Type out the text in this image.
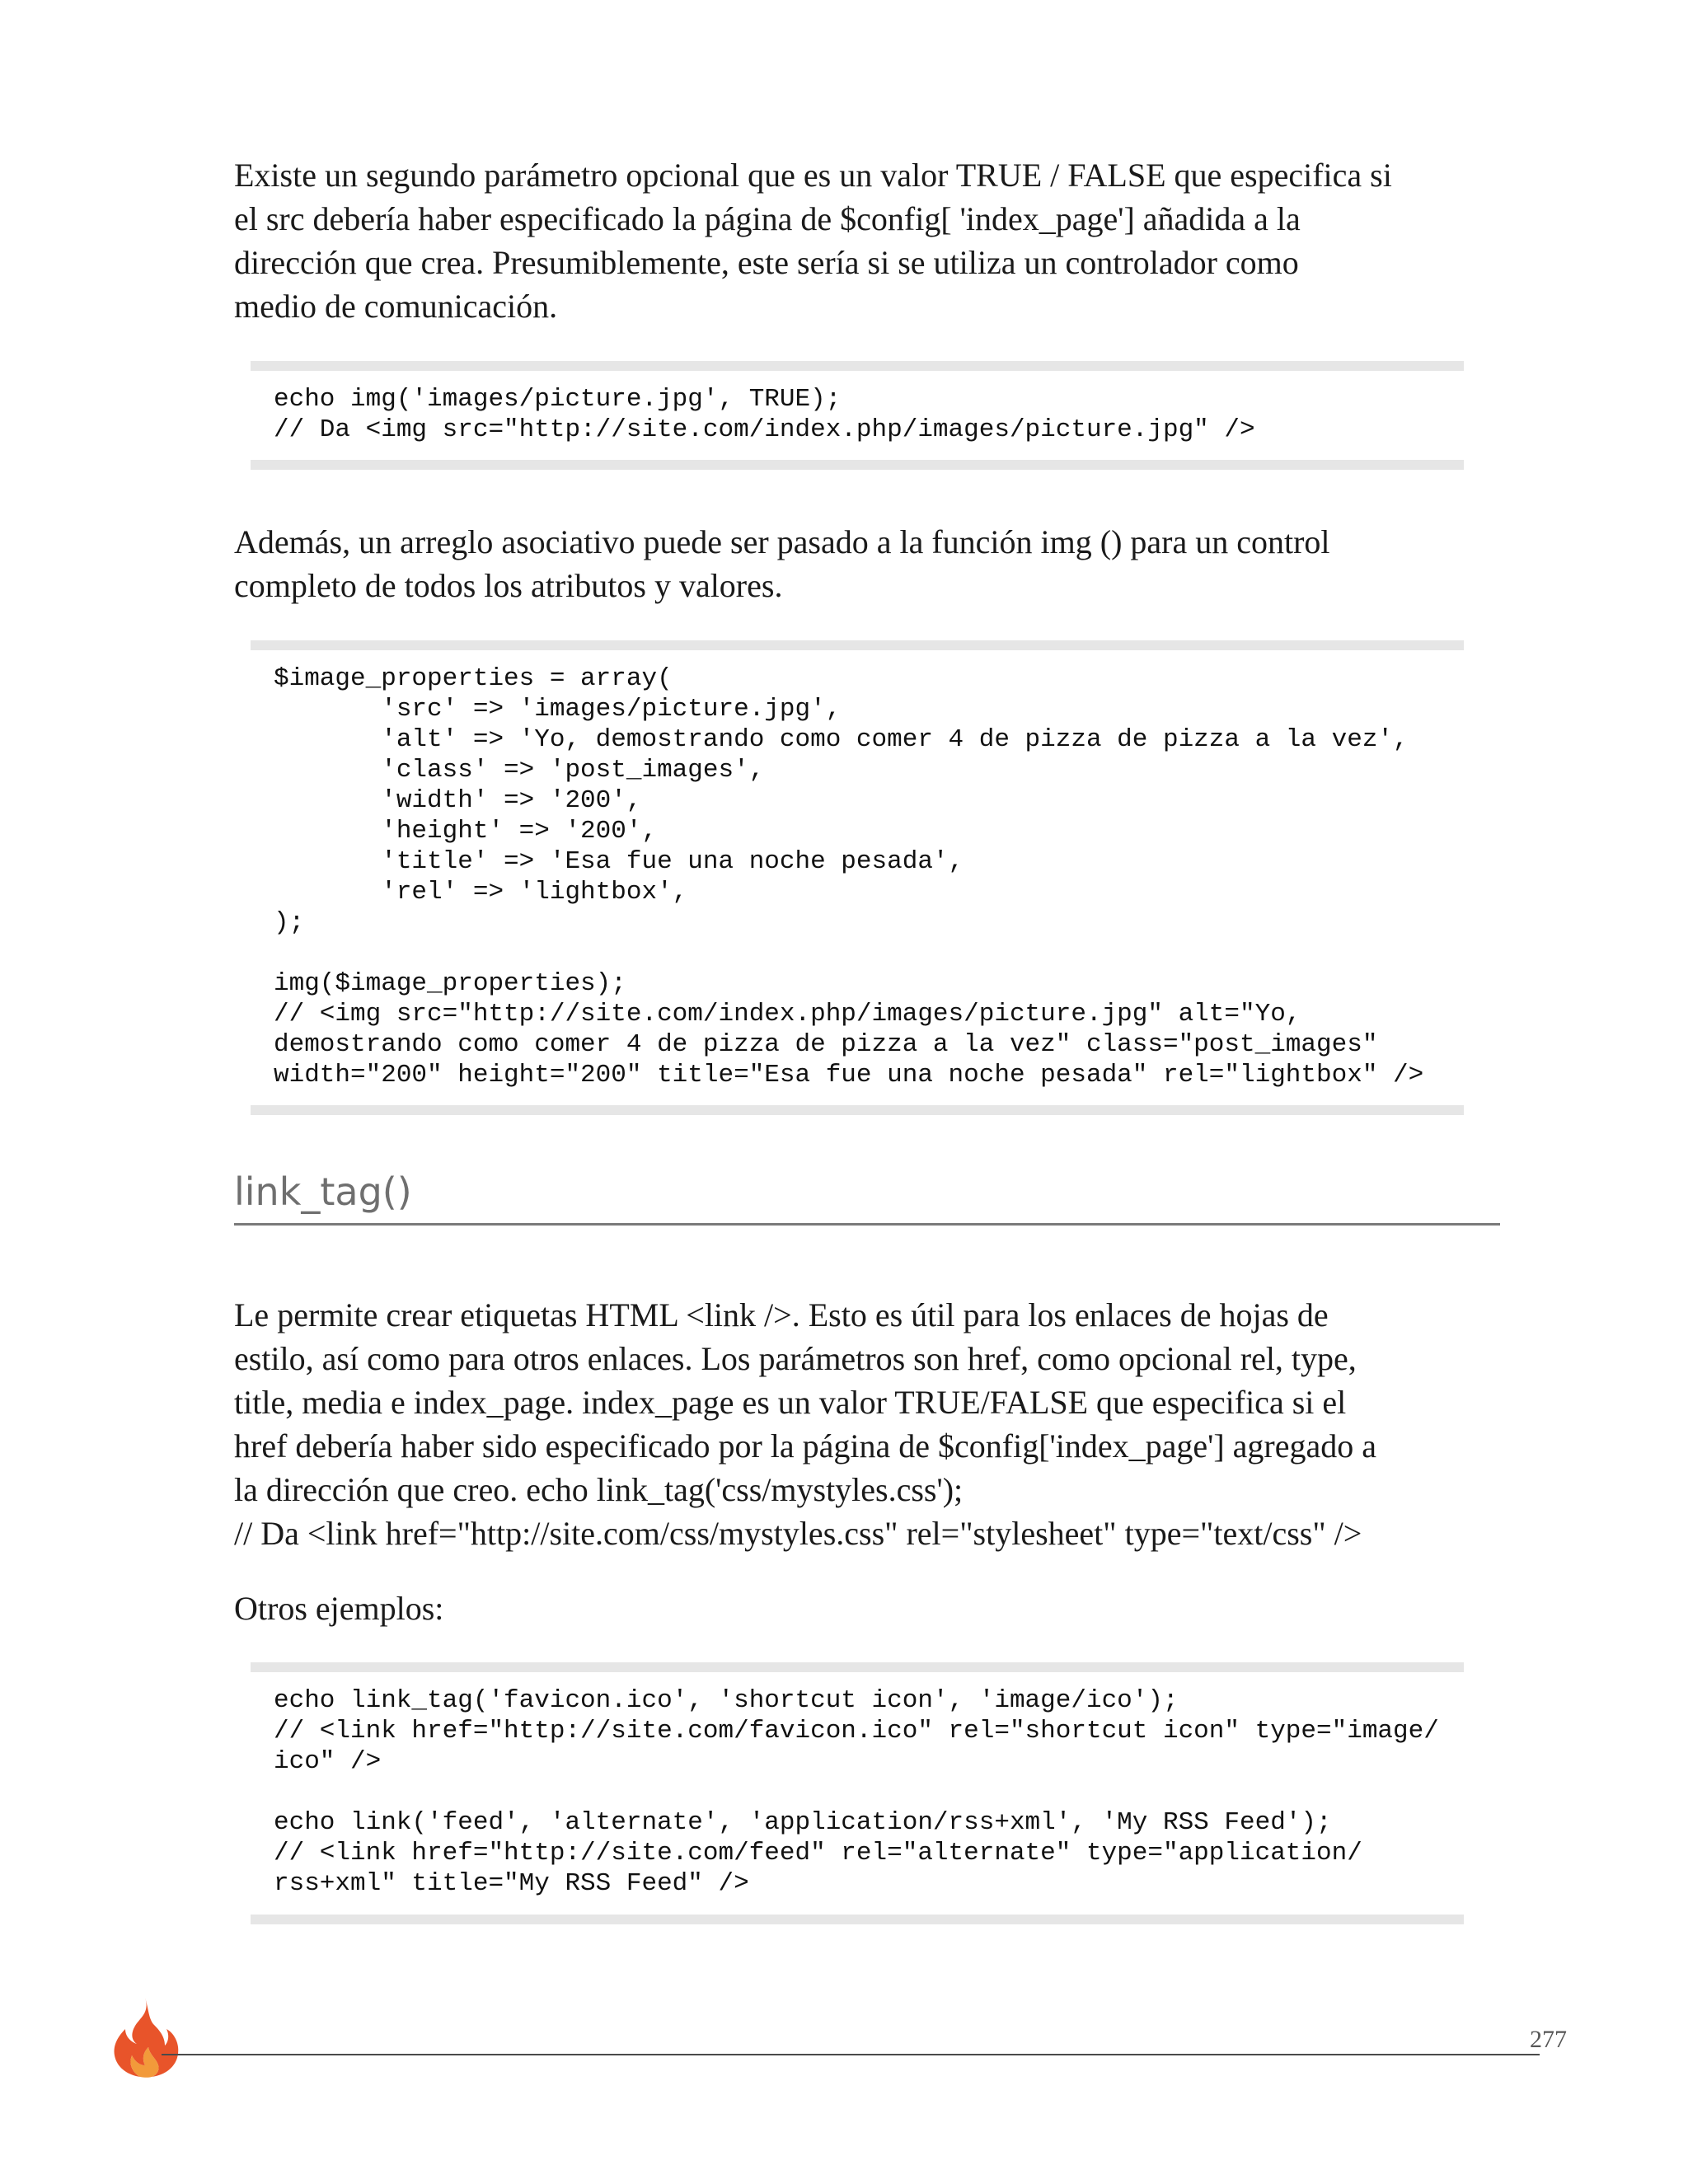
Existe un segundo parámetro opcional que es un valor TRUE / FALSE que especifica si
el src debería haber especificado la página de $config[ 'index_page'] añadida a la
dirección que crea. Presumiblemente, este sería si se utiliza un controlador como
medio de comunicación.

echo img('images/picture.jpg', TRUE);
// Da <img src="http://site.com/index.php/images/picture.jpg" />

Además, un arreglo asociativo puede ser pasado a la función img () para un control
completo de todos los atributos y valores.

$image_properties = array(
'src' => 'images/picture.jpg',
'alt' => 'Yo, demostrando como comer 4 de pizza de pizza a la vez',
'class' => 'post_images',
'width' => '200',
'height' => '200',
'title' => 'Esa fue una noche pesada',
'rel' => 'lightbox',
);

img($image_properties);
// <img src="http://site.com/index.php/images/picture.jpg" alt="Yo,
demostrando como comer 4 de pizza de pizza a la vez" class="post_images"
width="200" height="200" title="Esa fue una noche pesada" rel="lightbox" />
link_tag()

Le permite crear etiquetas HTML <link />. Esto es útil para los enlaces de hojas de
estilo, así como para otros enlaces. Los parámetros son href, como opcional rel, type,
title, media e index_page. index_page es un valor TRUE/FALSE que especifica si el
href debería haber sido especificado por la página de $config['index_page'] agregado a
la dirección que creo. echo link_tag('css/mystyles.css');
// Da <link href="http://site.com/css/mystyles.css" rel="stylesheet" type="text/css" />

Otros ejemplos:

echo link_tag('favicon.ico', 'shortcut icon', 'image/ico');
// <link href="http://site.com/favicon.ico" rel="shortcut icon" type="image/
ico" />

echo link('feed', 'alternate', 'application/rss+xml', 'My RSS Feed');
// <link href="http://site.com/feed" rel="alternate" type="application/
rss+xml" title="My RSS Feed" />
277
